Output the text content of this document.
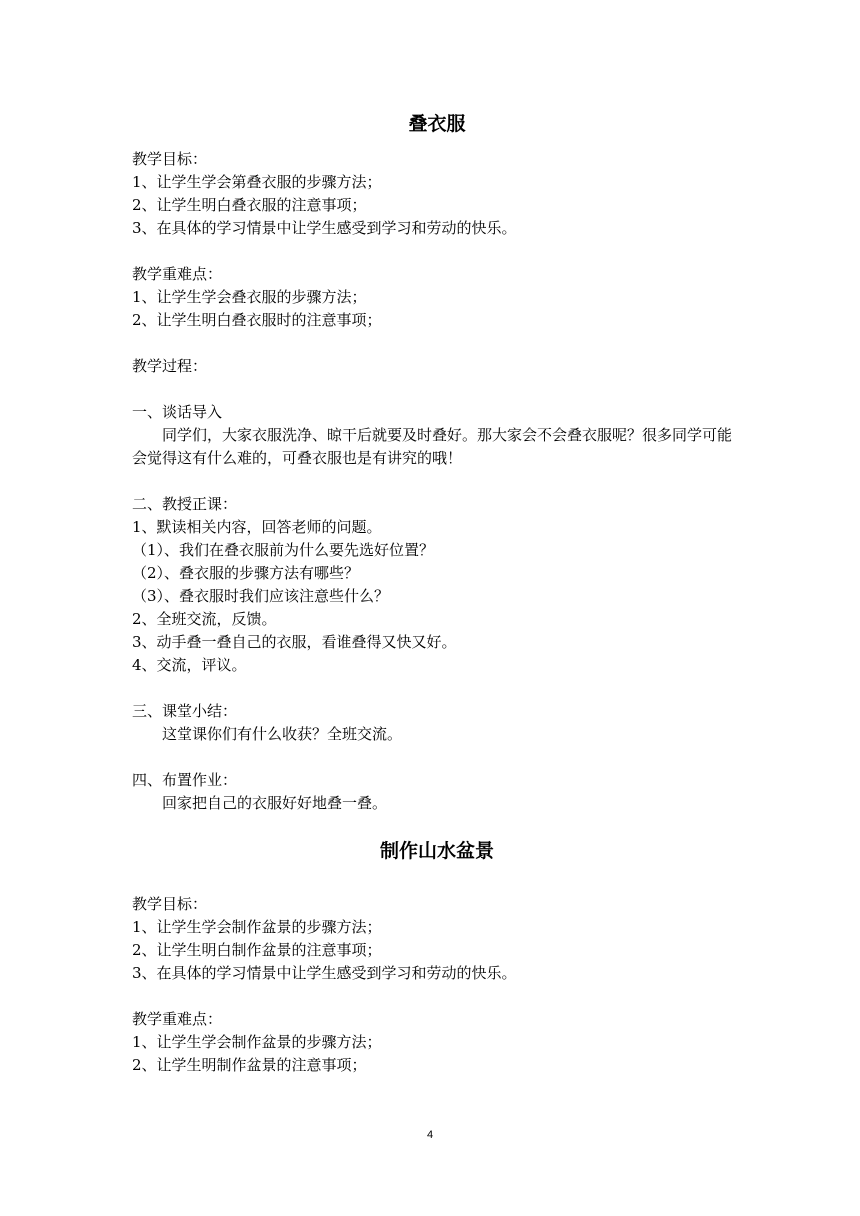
叠衣服
教学目标：
1、让学生学会第叠衣服的步骤方法；
2、让学生明白叠衣服的注意事项；
3、在具体的学习情景中让学生感受到学习和劳动的快乐。
教学重难点：
1、让学生学会叠衣服的步骤方法；
2、让学生明白叠衣服时的注意事项；
教学过程：
一、谈话导入
同学们，大家衣服洗净、晾干后就要及时叠好。那大家会不会叠衣服呢？很多同学可能会觉得这有什么难的，可叠衣服也是有讲究的哦！
二、教授正课：
1、默读相关内容，回答老师的问题。
（1）、我们在叠衣服前为什么要先选好位置？
（2）、叠衣服的步骤方法有哪些？
（3）、叠衣服时我们应该注意些什么？
2、全班交流，反馈。
3、动手叠一叠自己的衣服，看谁叠得又快又好。
4、交流，评议。
三、课堂小结：
这堂课你们有什么收获？全班交流。
四、布置作业：
回家把自己的衣服好好地叠一叠。
制作山水盆景
教学目标：
1、让学生学会制作盆景的步骤方法；
2、让学生明白制作盆景的注意事项；
3、在具体的学习情景中让学生感受到学习和劳动的快乐。
教学重难点：
1、让学生学会制作盆景的步骤方法；
2、让学生明制作盆景的注意事项；
4
